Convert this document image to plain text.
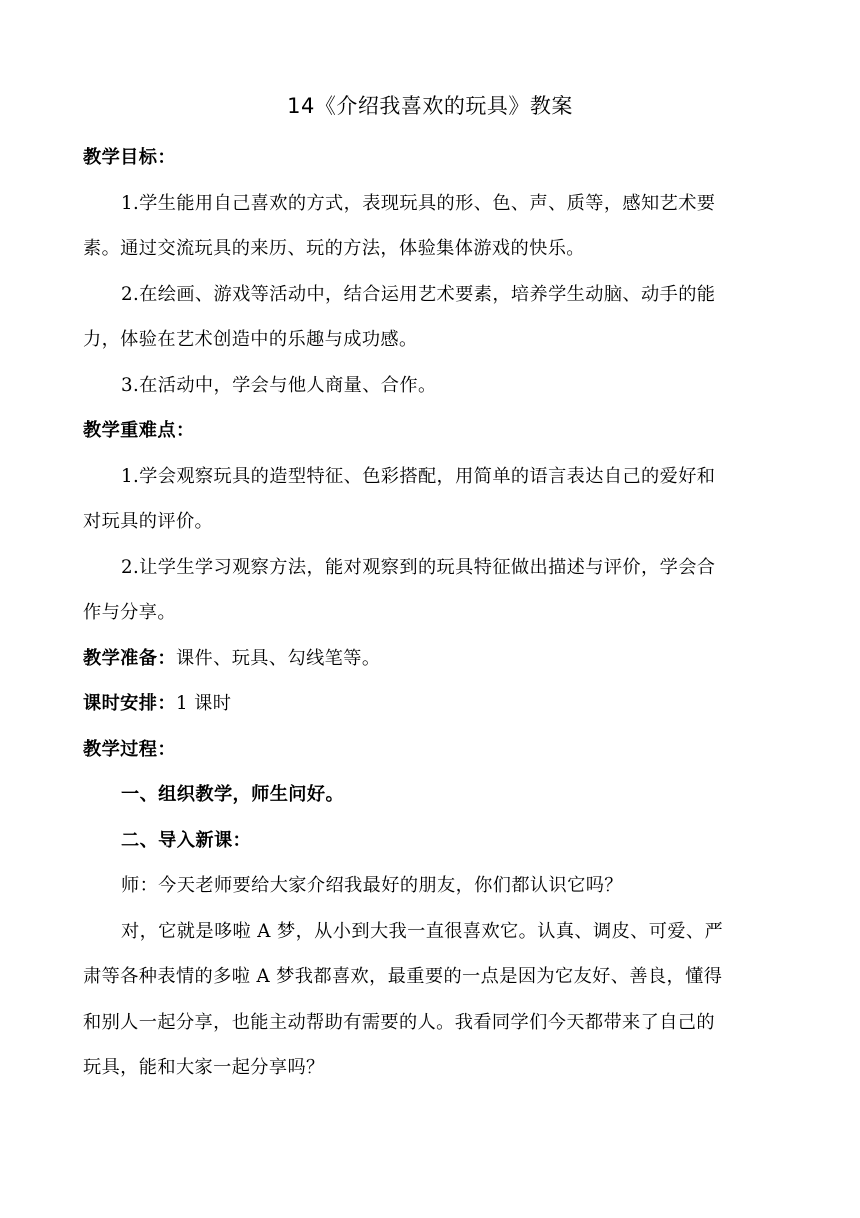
14《介绍我喜欢的玩具》教案

教学目标：

1.学生能用自己喜欢的方式，表现玩具的形、色、声、质等，感知艺术要

素。通过交流玩具的来历、玩的方法，体验集体游戏的快乐。

2.在绘画、游戏等活动中，结合运用艺术要素，培养学生动脑、动手的能

力，体验在艺术创造中的乐趣与成功感。

3.在活动中，学会与他人商量、合作。

教学重难点：

1.学会观察玩具的造型特征、色彩搭配，用简单的语言表达自己的爱好和

对玩具的评价。

2.让学生学习观察方法，能对观察到的玩具特征做出描述与评价，学会合

作与分享。

教学准备：课件、玩具、勾线笔等。

课时安排：1 课时

教学过程：

一、组织教学，师生问好。

二、导入新课：

师：今天老师要给大家介绍我最好的朋友，你们都认识它吗？

对，它就是哆啦 A 梦，从小到大我一直很喜欢它。认真、调皮、可爱、严

肃等各种表情的多啦 A 梦我都喜欢，最重要的一点是因为它友好、善良，懂得

和别人一起分享，也能主动帮助有需要的人。我看同学们今天都带来了自己的

玩具，能和大家一起分享吗？
